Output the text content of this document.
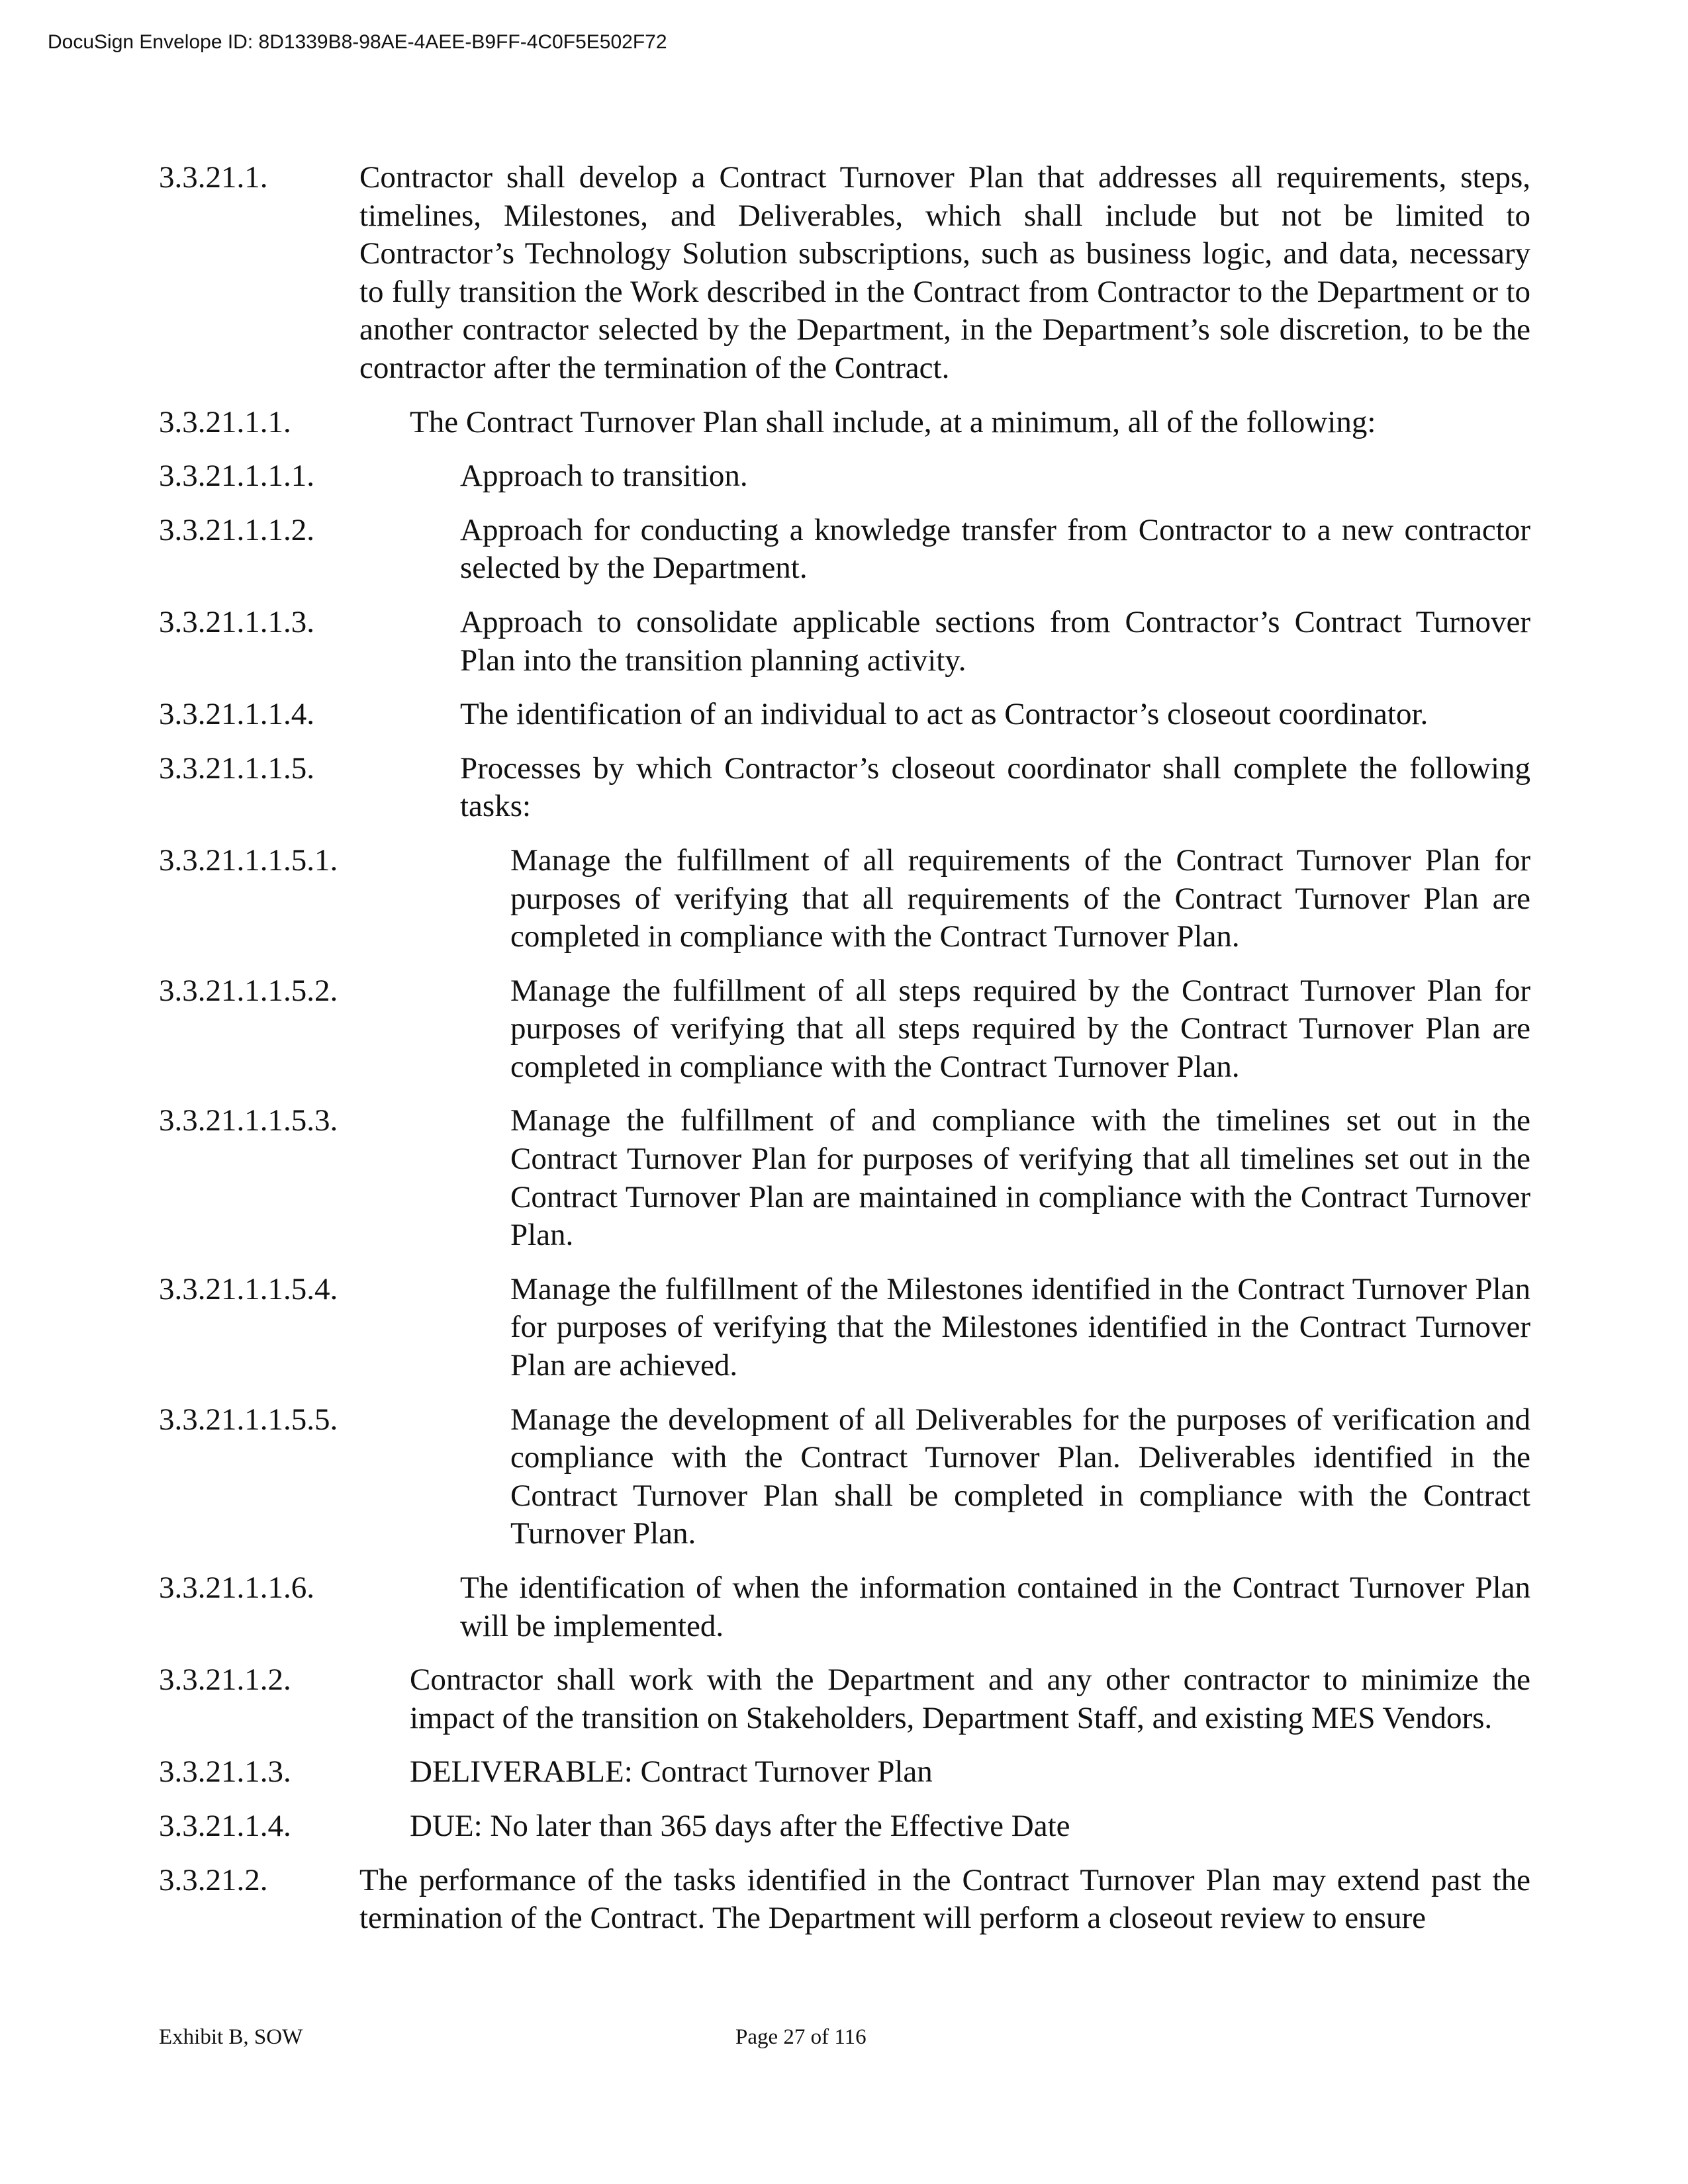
DocuSign Envelope ID: 8D1339B8-98AE-4AEE-B9FF-4C0F5E502F72
3.3.21.1.	Contractor shall develop a Contract Turnover Plan that addresses all requirements, steps, timelines, Milestones, and Deliverables, which shall include but not be limited to Contractor’s Technology Solution subscriptions, such as business logic, and data, necessary to fully transition the Work described in the Contract from Contractor to the Department or to another contractor selected by the Department, in the Department’s sole discretion, to be the contractor after the termination of the Contract.
3.3.21.1.1.	The Contract Turnover Plan shall include, at a minimum, all of the following:
3.3.21.1.1.1.	Approach to transition.
3.3.21.1.1.2.	Approach for conducting a knowledge transfer from Contractor to a new contractor selected by the Department.
3.3.21.1.1.3.	Approach to consolidate applicable sections from Contractor’s Contract Turnover Plan into the transition planning activity.
3.3.21.1.1.4.	The identification of an individual to act as Contractor’s closeout coordinator.
3.3.21.1.1.5.	Processes by which Contractor’s closeout coordinator shall complete the following tasks:
3.3.21.1.1.5.1.	Manage the fulfillment of all requirements of the Contract Turnover Plan for purposes of verifying that all requirements of the Contract Turnover Plan are completed in compliance with the Contract Turnover Plan.
3.3.21.1.1.5.2.	Manage the fulfillment of all steps required by the Contract Turnover Plan for purposes of verifying that all steps required by the Contract Turnover Plan are completed in compliance with the Contract Turnover Plan.
3.3.21.1.1.5.3.	Manage the fulfillment of and compliance with the timelines set out in the Contract Turnover Plan for purposes of verifying that all timelines set out in the Contract Turnover Plan are maintained in compliance with the Contract Turnover Plan.
3.3.21.1.1.5.4.	Manage the fulfillment of the Milestones identified in the Contract Turnover Plan for purposes of verifying that the Milestones identified in the Contract Turnover Plan are achieved.
3.3.21.1.1.5.5.	Manage the development of all Deliverables for the purposes of verification and compliance with the Contract Turnover Plan. Deliverables identified in the Contract Turnover Plan shall be completed in compliance with the Contract Turnover Plan.
3.3.21.1.1.6.	The identification of when the information contained in the Contract Turnover Plan will be implemented.
3.3.21.1.2.	Contractor shall work with the Department and any other contractor to minimize the impact of the transition on Stakeholders, Department Staff, and existing MES Vendors.
3.3.21.1.3.	DELIVERABLE: Contract Turnover Plan
3.3.21.1.4.	DUE: No later than 365 days after the Effective Date
3.3.21.2.	The performance of the tasks identified in the Contract Turnover Plan may extend past the termination of the Contract. The Department will perform a closeout review to ensure
Exhibit B, SOW	Page 27 of 116
